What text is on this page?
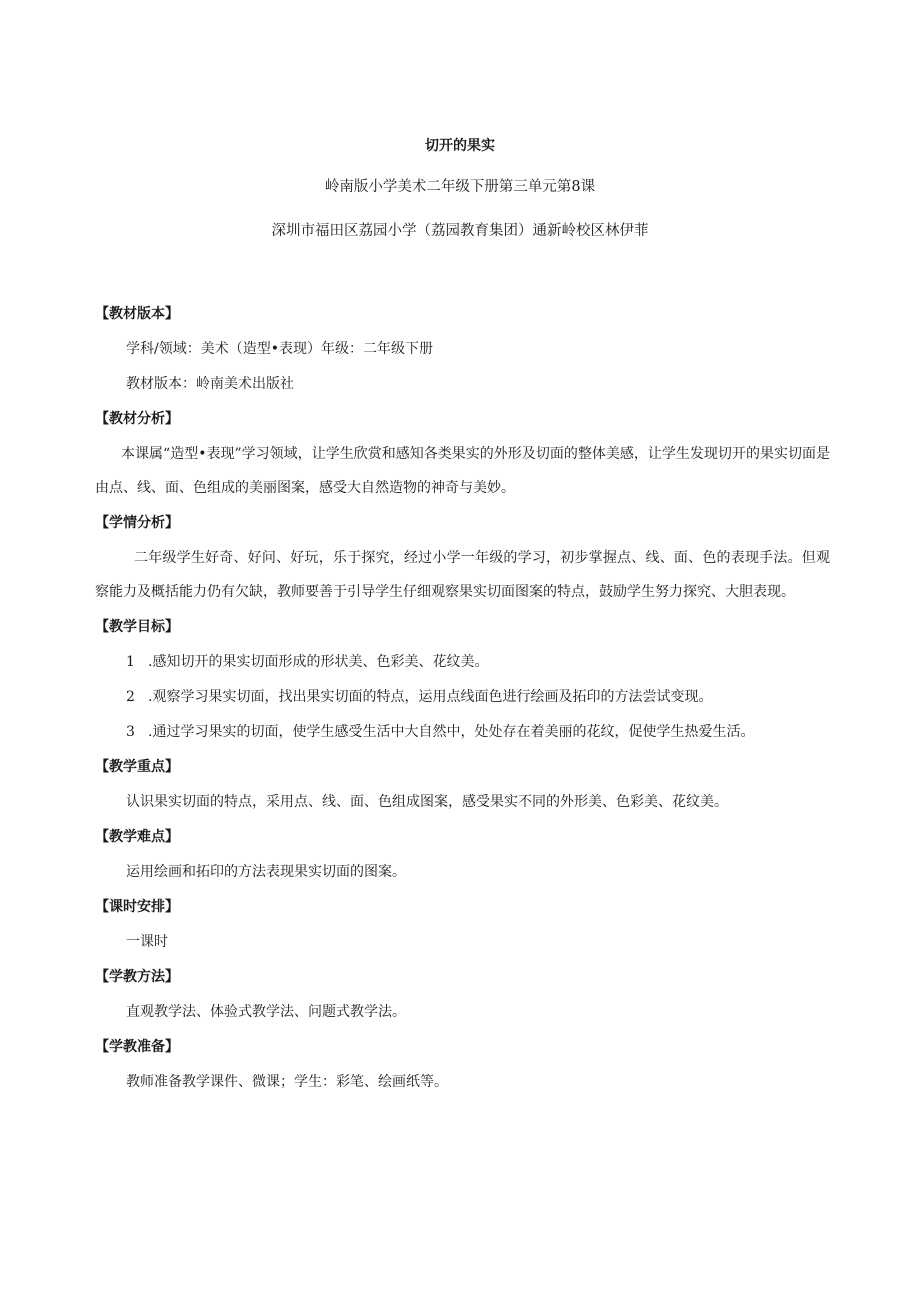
切开的果实
岭南版小学美术二年级下册第三单元第8课
深圳市福田区荔园小学（荔园教育集团）通新岭校区林伊菲
【教材版本】
学科/领域：美术（造型•表现）年级：二年级下册
教材版本：岭南美术出版社
【教材分析】
本课属“造型•表现”学习领域，让学生欣赏和感知各类果实的外形及切面的整体美感，让学生发现切开的果实切面是由点、线、面、色组成的美丽图案，感受大自然造物的神奇与美妙。
【学情分析】
二年级学生好奇、好问、好玩，乐于探究，经过小学一年级的学习，初步掌握点、线、面、色的表现手法。但观察能力及概括能力仍有欠缺，教师要善于引导学生仔细观察果实切面图案的特点，鼓励学生努力探究、大胆表现。
【教学目标】
1 .感知切开的果实切面形成的形状美、色彩美、花纹美。
2 .观察学习果实切面，找出果实切面的特点，运用点线面色进行绘画及拓印的方法尝试变现。
3 .通过学习果实的切面，使学生感受生活中大自然中，处处存在着美丽的花纹，促使学生热爱生活。
【教学重点】
认识果实切面的特点，采用点、线、面、色组成图案，感受果实不同的外形美、色彩美、花纹美。
【教学难点】
运用绘画和拓印的方法表现果实切面的图案。
【课时安排】
一课时
【学教方法】
直观教学法、体验式教学法、问题式教学法。
【学教准备】
教师准备教学课件、微课；学生：彩笔、绘画纸等。
